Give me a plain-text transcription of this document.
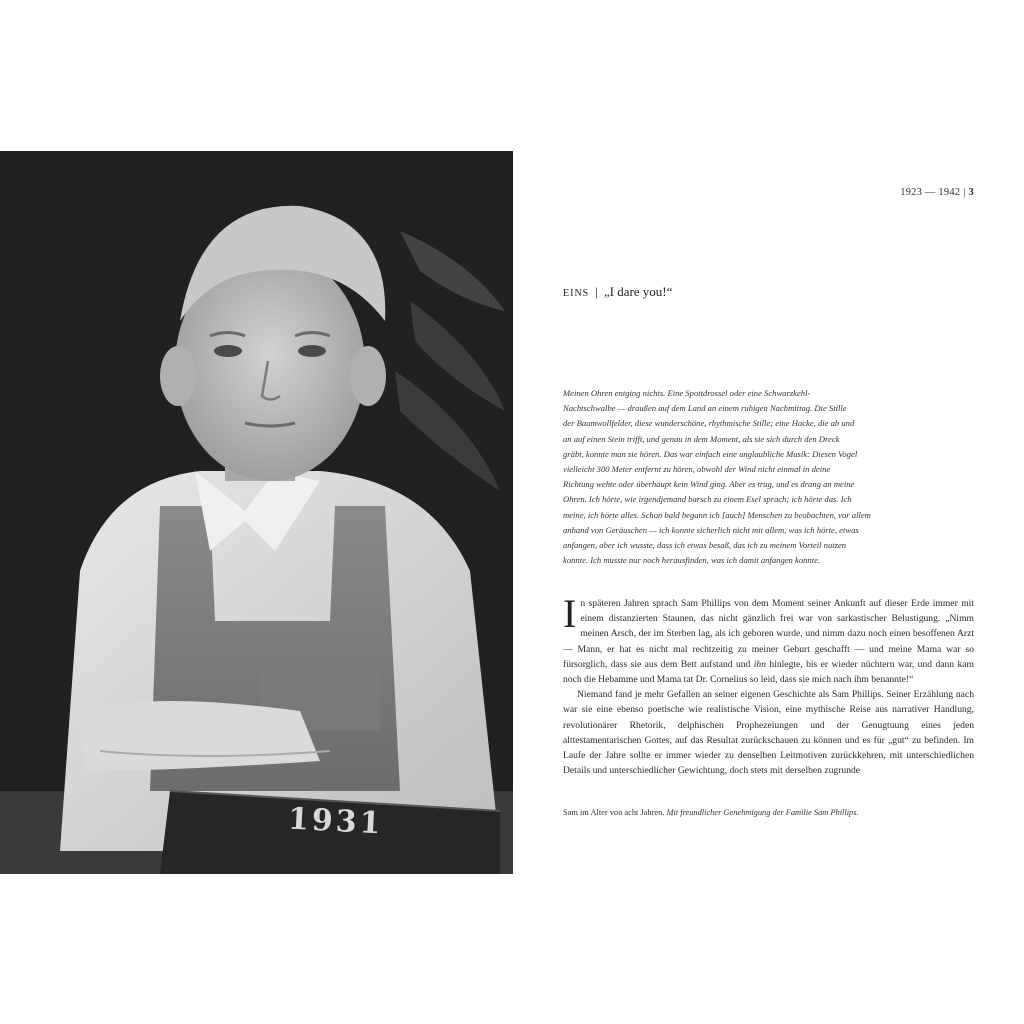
1931
1923 — 1942 | 3
EINS | „I dare you!“
Meinen Ohren entging nichts. Eine Spottdrossel oder eine Schwarzkehl-
Nachtschwalbe — draußen auf dem Land an einem ruhigen Nachmittag. Die Stille
der Baumwollfelder, diese wunderschöne, rhythmische Stille; eine Hacke, die ab und
an auf einen Stein trifft, und genau in dem Moment, als sie sich durch den Dreck
gräbt, konnte man sie hören. Das war einfach eine unglaubliche Musik: Diesen Vogel
vielleicht 300 Meter entfernt zu hören, obwohl der Wind nicht einmal in deine
Richtung wehte oder überhaupt kein Wind ging. Aber es trug, und es drang an meine
Ohren. Ich hörte, wie irgendjemand barsch zu einem Esel sprach; ich hörte das. Ich
meine, ich hörte alles. Schon bald begann ich [auch] Menschen zu beobachten, vor allem
anhand von Geräuschen — ich konnte sicherlich nicht mit allem, was ich hörte, etwas
anfangen, aber ich wusste, dass ich etwas besaß, das ich zu meinem Vorteil nutzen
konnte. Ich musste nur noch herausfinden, was ich damit anfangen konnte.

In späteren Jahren sprach Sam Phillips von dem Moment seiner Ankunft auf dieser Erde immer mit einem distanzierten Staunen, das nicht gänzlich frei war von sarkastischer Belustigung. „Nimm meinen Arsch, der im Sterben lag, als ich geboren wurde, und nimm dazu noch einen besoffenen Arzt — Mann, er hat es nicht mal rechtzeitig zu meiner Geburt geschafft — und meine Mama war so fürsorglich, dass sie aus dem Bett aufstand und ihn hinlegte, bis er wieder nüchtern war, und dann kam noch die Hebamme und Mama tat Dr. Cornelius so leid, dass sie mich nach ihm benannte!“

Niemand fand je mehr Gefallen an seiner eigenen Geschichte als Sam Phillips. Seiner Erzählung nach war sie eine ebenso poetische wie realistische Vision, eine mythische Reise aus narrativer Handlung, revolutionärer Rhetorik, delphischen Prophezeiungen und der Genugtuung eines jeden alttestamentarischen Gottes, auf das Resultat zurückschauen zu können und es für „gut“ zu befinden. Im Laufe der Jahre sollte er immer wieder zu denselben Leitmotiven zurückkehren, mit unterschiedlichen Details und unterschiedlicher Gewichtung, doch stets mit derselben zugrunde

Sam im Alter von acht Jahren. Mit freundlicher Genehmigung der Familie Sam Phillips.
